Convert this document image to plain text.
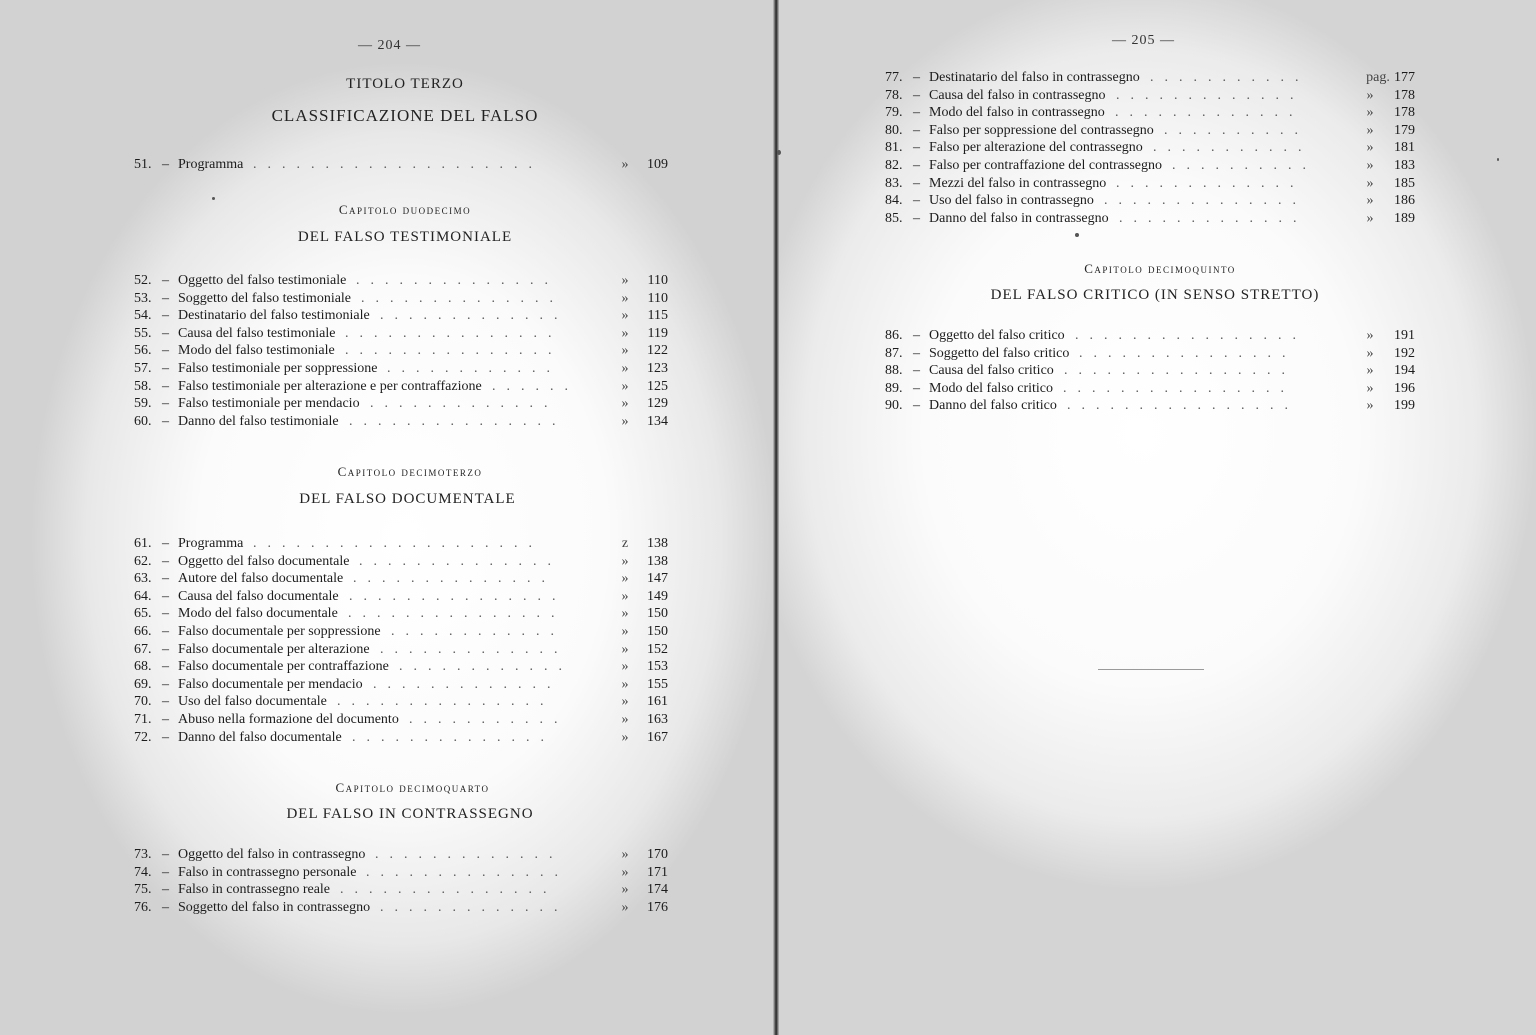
— 204 —
TITOLO TERZO
CLASSIFICAZIONE DEL FALSO
51. – Programma ....................	»	109
Capitolo duodecimo
DEL FALSO TESTIMONIALE
52. – Oggetto del falso testimoniale ..............	»	110
53. – Soggetto del falso testimoniale ..............	»	110
54. – Destinatario del falso testimoniale .............	»	115
55. – Causa del falso testimoniale ...............	»	119
56. – Modo del falso testimoniale ...............	»	122
57. – Falso testimoniale per soppressione ............	»	123
58. – Falso testimoniale per alterazione e per contraffazione ......	»	125
59. – Falso testimoniale per mendacio .............	»	129
60. – Danno del falso testimoniale ...............	»	134
Capitolo decimoterzo
DEL FALSO DOCUMENTALE
61. – Programma ....................	z	138
62. – Oggetto del falso documentale ..............	»	138
63. – Autore del falso documentale ..............	»	147
64. – Causa del falso documentale ...............	»	149
65. – Modo del falso documentale ...............	»	150
66. – Falso documentale per soppressione ............	»	150
67. – Falso documentale per alterazione .............	»	152
68. – Falso documentale per contraffazione ............	»	153
69. – Falso documentale per mendacio .............	»	155
70. – Uso del falso documentale ...............	»	161
71. – Abuso nella formazione del documento ...........	»	163
72. – Danno del falso documentale ..............	»	167
Capitolo decimoquarto
DEL FALSO IN CONTRASSEGNO
73. – Oggetto del falso in contrassegno .............	»	170
74. – Falso in contrassegno personale ..............	»	171
75. – Falso in contrassegno reale ...............	»	174
76. – Soggetto del falso in contrassegno .............	»	176
— 205 —
77. – Destinatario del falso in contrassegno ...........	pag. 177
78. – Causa del falso in contrassegno .............	»	178
79. – Modo del falso in contrassegno .............	»	178
80. – Falso per soppressione del contrassegno ..........	»	179
81. – Falso per alterazione del contrassegno ...........	»	181
82. – Falso per contraffazione del contrassegno ..........	»	183
83. – Mezzi del falso in contrassegno .............	»	185
84. – Uso del falso in contrassegno ..............	»	186
85. – Danno del falso in contrassegno .............	»	189
Capitolo decimoquinto
DEL FALSO CRITICO (IN SENSO STRETTO)
86. – Oggetto del falso critico ................	»	191
87. – Soggetto del falso critico ...............	»	192
88. – Causa del falso critico ................	»	194
89. – Modo del falso critico ................	»	196
90. – Danno del falso critico ................	»	199
